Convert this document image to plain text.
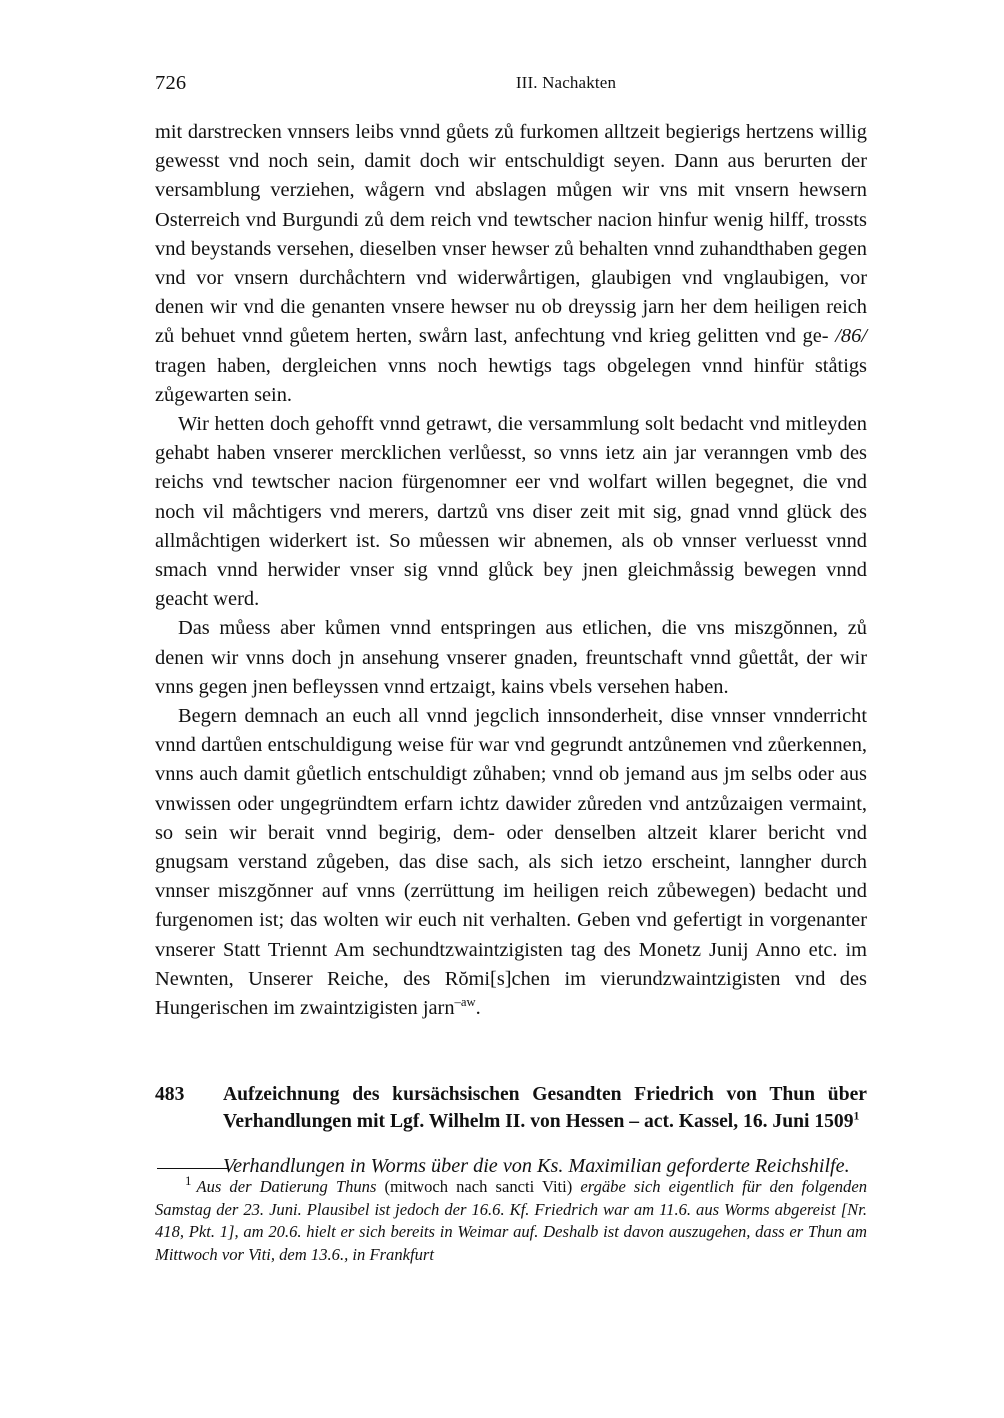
726	III. Nachakten

mit darstrecken vnnsers leibs vnnd gůets zů furkomen alltzeit begierigs hertzens willig gewesst vnd noch sein, damit doch wir entschuldigt seyen. Dann aus berurten der versamblung verziehen, wågern vnd abslagen můgen wir vns mit vnsern hewsern Osterreich vnd Burgundi zů dem reich vnd tewtscher nacion hinfur wenig hilff, trossts vnd beystands versehen, dieselben vnser hewser zů behalten vnnd zuhandthaben gegen vnd vor vnsern durchåchtern vnd widerwårtigen, glaubigen vnd vnglaubigen, vor denen wir vnd die genanten vnsere hewser nu ob dreyssig jarn her dem heiligen reich zů behuet vnnd gůetem herten, swårn last, anfechtung vnd krieg gelitten vnd ge- /86/ tragen haben, dergleichen vnns noch hewtigs tags obgelegen vnnd hinfür ståtigs zůgewarten sein.

Wir hetten doch gehofft vnnd getrawt, die versammlung solt bedacht vnd mitleyden gehabt haben vnserer mercklichen verlůesst, so vnns ietz ain jar veranngen vmb des reichs vnd tewtscher nacion fürgenomner eer vnd wolfart willen begegnet, die vnd noch vil måchtigers vnd merers, dartzů vns diser zeit mit sig, gnad vnnd glück des allmåchtigen widerkert ist. So můessen wir abnemen, als ob vnnser verluesst vnnd smach vnnd herwider vnser sig vnnd glůck bey jnen gleichmåssig bewegen vnnd geacht werd.

Das můess aber kůmen vnnd entspringen aus etlichen, die vns miszgŏnnen, zů denen wir vnns doch jn ansehung vnserer gnaden, freuntschaft vnnd gůettåt, der wir vnns gegen jnen befleyssen vnnd ertzaigt, kains vbels versehen haben.

Begern demnach an euch all vnnd jegclich innsonderheit, dise vnnser vnnderricht vnnd dartůen entschuldigung weise für war vnd gegrundt antzůnemen vnd zůerkennen, vnns auch damit gůetlich entschuldigt zůhaben; vnnd ob jemand aus jm selbs oder aus vnwissen oder ungegründtem erfarn ichtz dawider zůreden vnd antzůzaigen vermaint, so sein wir berait vnnd begirig, dem- oder denselben altzeit klarer bericht vnd gnugsam verstand zůgeben, das dise sach, als sich ietzo erscheint, lanngher durch vnnser miszgŏnner auf vnns (zerrüttung im heiligen reich zůbewegen) bedacht und furgenomen ist; das wolten wir euch nit verhalten. Geben vnd gefertigt in vorgenanter vnserer Statt Triennt Am sechundtzwaintzigisten tag des Monetz Junij Anno etc. im Newnten, Unserer Reiche, des Rŏmi[s]chen im vierundzwaintzigisten vnd des Hungerischen im zwaintzigisten jarn$^{-aw}$.

483	Aufzeichnung des kursächsischen Gesandten Friedrich von Thun über Verhandlungen mit Lgf. Wilhelm II. von Hessen – act. Kassel, 16. Juni 1509$^1$
Verhandlungen in Worms über die von Ks. Maximilian geforderte Reichshilfe.

$^1$ Aus der Datierung Thuns (mitwoch nach sancti Viti) ergäbe sich eigentlich für den folgenden Samstag der 23. Juni. Plausibel ist jedoch der 16.6. Kf. Friedrich war am 11.6. aus Worms abgereist [Nr. 418, Pkt. 1], am 20.6. hielt er sich bereits in Weimar auf. Deshalb ist davon auszugehen, dass er Thun am Mittwoch vor Viti, dem 13.6., in Frankfurt
